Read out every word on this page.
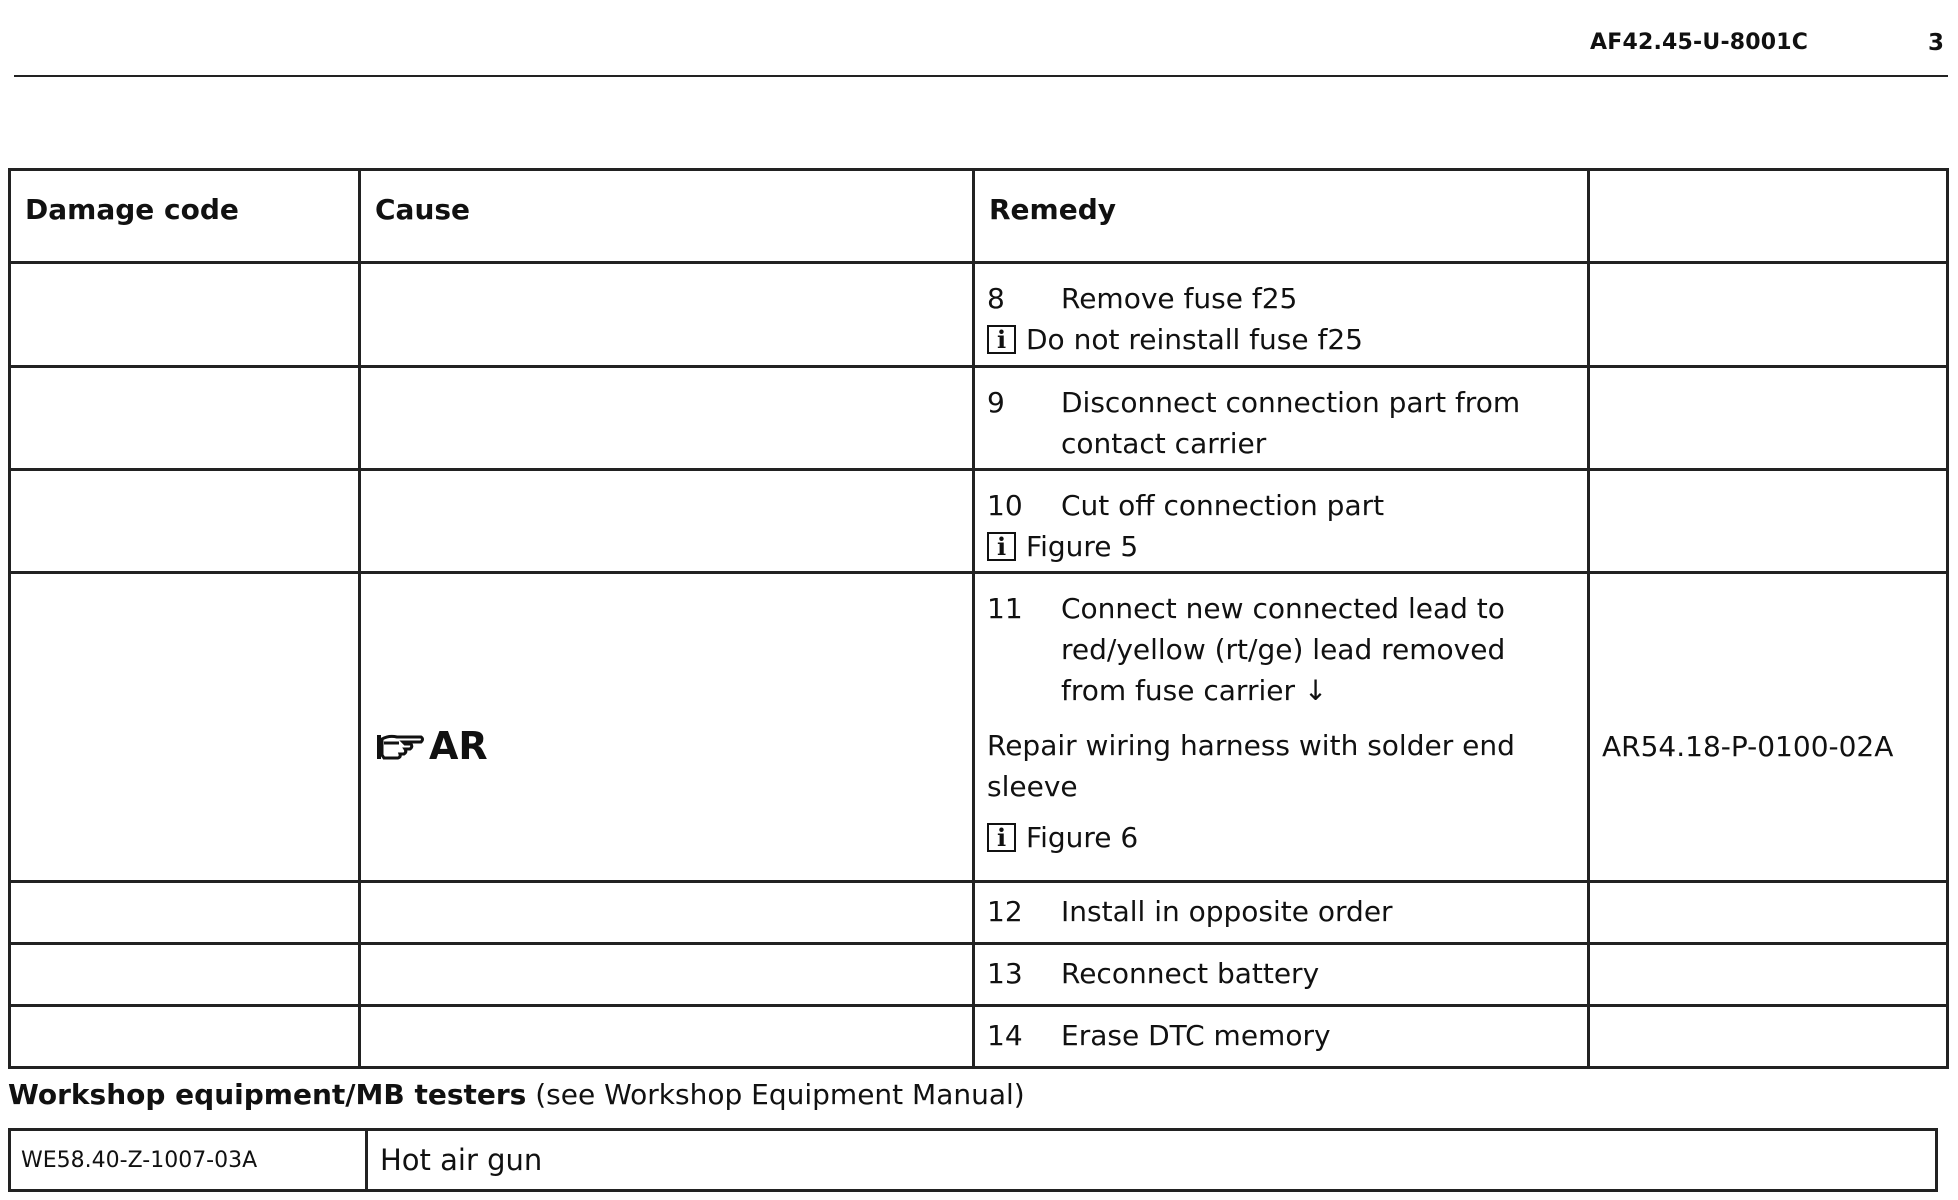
AF42.45-U-8001C	3
Damage code	Cause	Remedy	

		8 Remove fuse f25
i Do not reinstall fuse f25	

		9 Disconnect connection part from contact carrier	

		10 Cut off connection part
i Figure 5	

	AR	11 Connect new connected lead to red/yellow (rt/ge) lead removed from fuse carrier ↓
Repair wiring harness with solder end sleeve
i Figure 6	AR54.18-P-0100-02A

		12 Install in opposite order	

		13 Reconnect battery	

		14 Erase DTC memory	

Workshop equipment/MB testers (see Workshop Equipment Manual)
WE58.40-Z-1007-03A	Hot air gun
